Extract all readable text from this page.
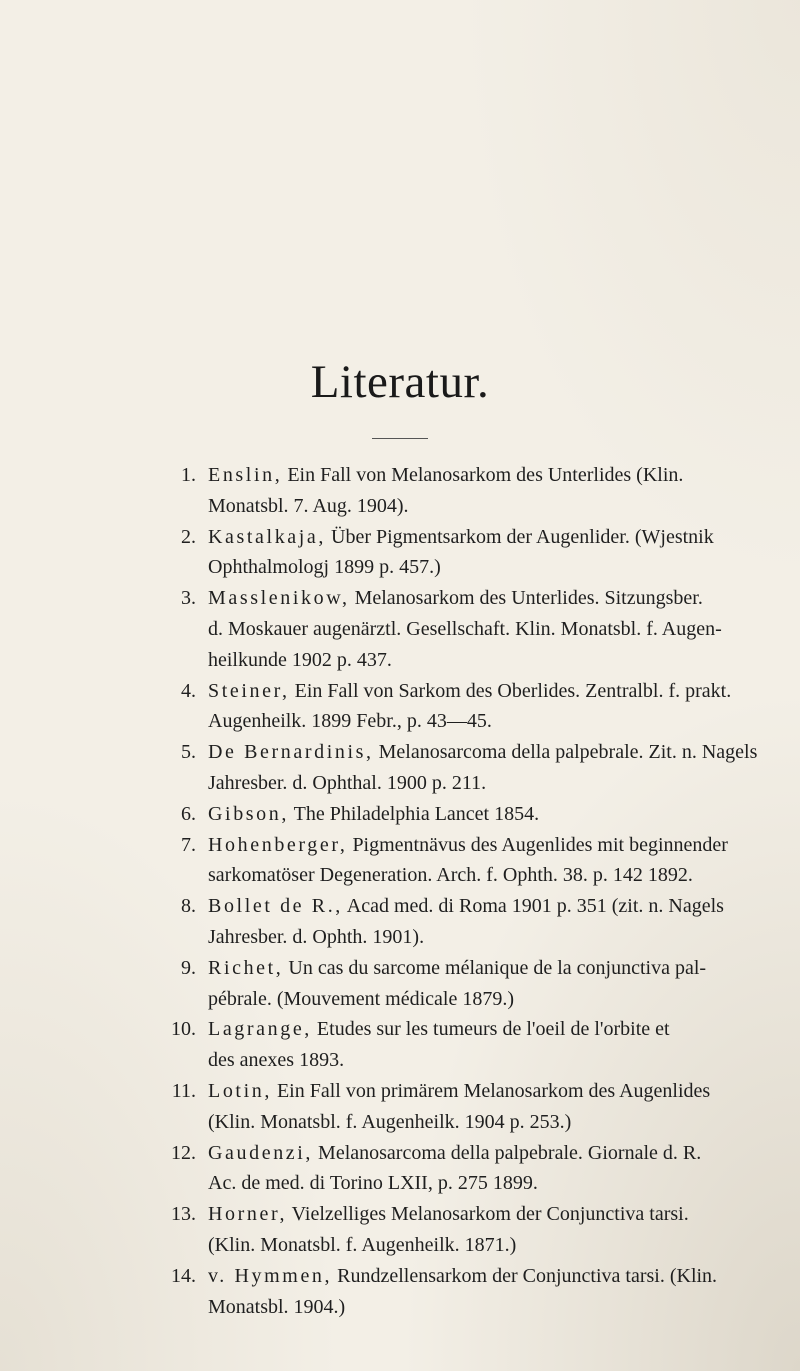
Literatur.
1. Enslin, Ein Fall von Melanosarkom des Unterlides (Klin.
Monatsbl. 7. Aug. 1904).
2. Kastalkaja, Über Pigmentsarkom der Augenlider. (Wjestnik
Ophthalmologj 1899 p. 457.)
3. Masslenikow, Melanosarkom des Unterlides. Sitzungsber.
d. Moskauer augenärztl. Gesellschaft. Klin. Monatsbl. f. Augen-
heilkunde 1902 p. 437.
4. Steiner, Ein Fall von Sarkom des Oberlides. Zentralbl. f. prakt.
Augenheilk. 1899 Febr., p. 43—45.
5. De Bernardinis, Melanosarcoma della palpebrale. Zit. n. Nagels
Jahresber. d. Ophthal. 1900 p. 211.
6. Gibson, The Philadelphia Lancet 1854.
7. Hohenberger, Pigmentnävus des Augenlides mit beginnender
sarkomatöser Degeneration. Arch. f. Ophth. 38. p. 142 1892.
8. Bollet de R., Acad med. di Roma 1901 p. 351 (zit. n. Nagels
Jahresber. d. Ophth. 1901).
9. Richet, Un cas du sarcome mélanique de la conjunctiva pal-
pébrale. (Mouvement médicale 1879.)
10. Lagrange, Etudes sur les tumeurs de l'oeil de l'orbite et
des anexes 1893.
11. Lotin, Ein Fall von primärem Melanosarkom des Augenlides
(Klin. Monatsbl. f. Augenheilk. 1904 p. 253.)
12. Gaudenzi, Melanosarcoma della palpebrale. Giornale d. R.
Ac. de med. di Torino LXII, p. 275 1899.
13. Horner, Vielzelliges Melanosarkom der Conjunctiva tarsi.
(Klin. Monatsbl. f. Augenheilk. 1871.)
14. v. Hymmen, Rundzellensarkom der Conjunctiva tarsi. (Klin.
Monatsbl. 1904.)
